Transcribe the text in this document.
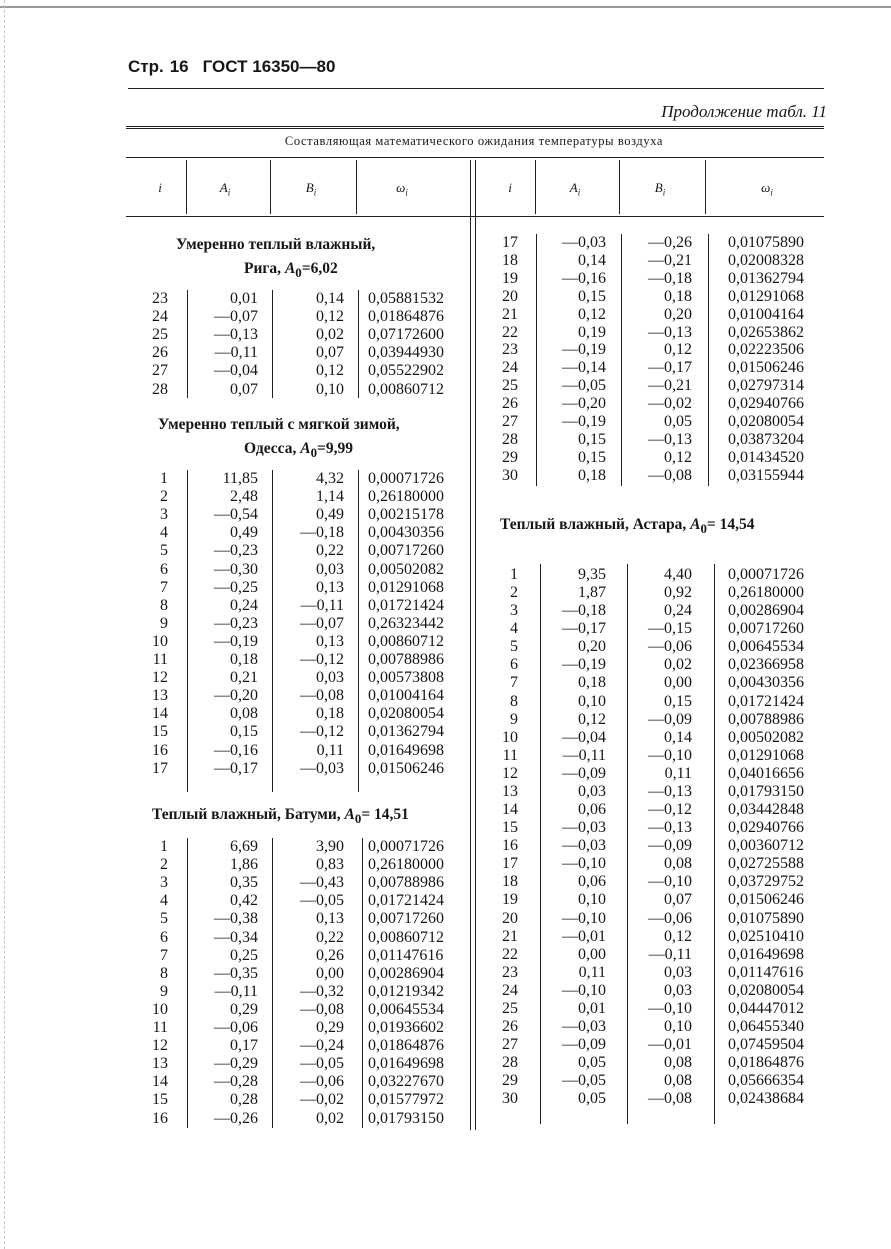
Стр. 16 ГОСТ 16350—80
Продолжение табл. 11
Составляющая математического ожидания температуры воздуха
i	$A_i$	$B_i$	$\omega_i$	i	$A_i$	$B_i$	$\omega_i$
Умеренно теплый влажный,
Рига, $A_0=6,02$
Умеренно теплый с мягкой зимой,
Одесса, $A_0=9,99$
Теплый влажный, Батуми, $A_0= 14,51$
Теплый влажный, Астара, $A_0= 14,54$
23	0,01	0,14 0,05881532
24	—0,07	0,12 0,01864876
25	—0,13	0,02 0,07172600
26	—0,11	0,07 0,03944930
27	—0,04	0,12 0,05522902
28	0,07	0,10 0,00860712
1	11,85	4,32 0,00071726
2	2,48	1,14 0,26180000
3	—0,54	0,49 0,00215178
4	0,49	—0,18 0,00430356
5	—0,23	0,22 0,00717260
6	—0,30	0,03 0,00502082
7	—0,25	0,13 0,01291068
8	0,24	—0,11 0,01721424
9	—0,23	—0,07 0,26323442
10	—0,19	0,13 0,00860712
11	0,18	—0,12 0,00788986
12	0,21	0,03 0,00573808
13	—0,20	—0,08 0,01004164
14	0,08	0,18 0,02080054
15	0,15	—0,12 0,01362794
16	—0,16	0,11 0,01649698
17	—0,17	—0,03 0,01506246
1	6,69	3,90 0,00071726
2	1,86	0,83 0,26180000
3	0,35	—0,43 0,00788986
4	0,42	—0,05 0,01721424
5	—0,38	0,13 0,00717260
6	—0,34	0,22 0,00860712
7	0,25	0,26 0,01147616
8	—0,35	0,00 0,00286904
9	—0,11	—0,32 0,01219342
10	0,29	—0,08 0,00645534
11	—0,06	0,29 0,01936602
12	0,17	—0,24 0,01864876
13	—0,29	—0,05 0,01649698
14	—0,28	—0,06 0,03227670
15	0,28	—0,02 0,01577972
16	—0,26	0,02 0,01793150
17	—0,03	—0,26 0,01075890
18	0,14	—0,21 0,02008328
19	—0,16	—0,18 0,01362794
20	0,15	0,18 0,01291068
21	0,12	0,20 0,01004164
22	0,19	—0,13 0,02653862
23	—0,19	0,12 0,02223506
24	—0,14	—0,17 0,01506246
25	—0,05	—0,21 0,02797314
26	—0,20	—0,02 0,02940766
27	—0,19	0,05 0,02080054
28	0,15	—0,13 0,03873204
29	0,15	0,12 0,01434520
30	0,18	—0,08 0,03155944
1	9,35	4,40 0,00071726
2	1,87	0,92 0,26180000
3	—0,18	0,24 0,00286904
4	—0,17	—0,15 0,00717260
5	0,20	—0,06 0,00645534
6	—0,19	0,02 0,02366958
7	0,18	0,00 0,00430356
8	0,10	0,15 0,01721424
9	0,12	—0,09 0,00788986
10	—0,04	0,14 0,00502082
11	—0,11	—0,10 0,01291068
12	—0,09	0,11 0,04016656
13	0,03	—0,13 0,01793150
14	0,06	—0,12 0,03442848
15	—0,03	—0,13 0,02940766
16	—0,03	—0,09 0,00360712
17	—0,10	0,08 0,02725588
18	0,06	—0,10 0,03729752
19	0,10	0,07 0,01506246
20	—0,10	—0,06 0,01075890
21	—0,01	0,12 0,02510410
22	0,00	—0,11 0,01649698
23	0,11	0,03 0,01147616
24	—0,10	0,03 0,02080054
25	0,01	—0,10 0,04447012
26	—0,03	0,10 0,06455340
27	—0,09	—0,01 0,07459504
28	0,05	0,08 0,01864876
29	—0,05	0,08 0,05666354
30	0,05	—0,08 0,02438684
